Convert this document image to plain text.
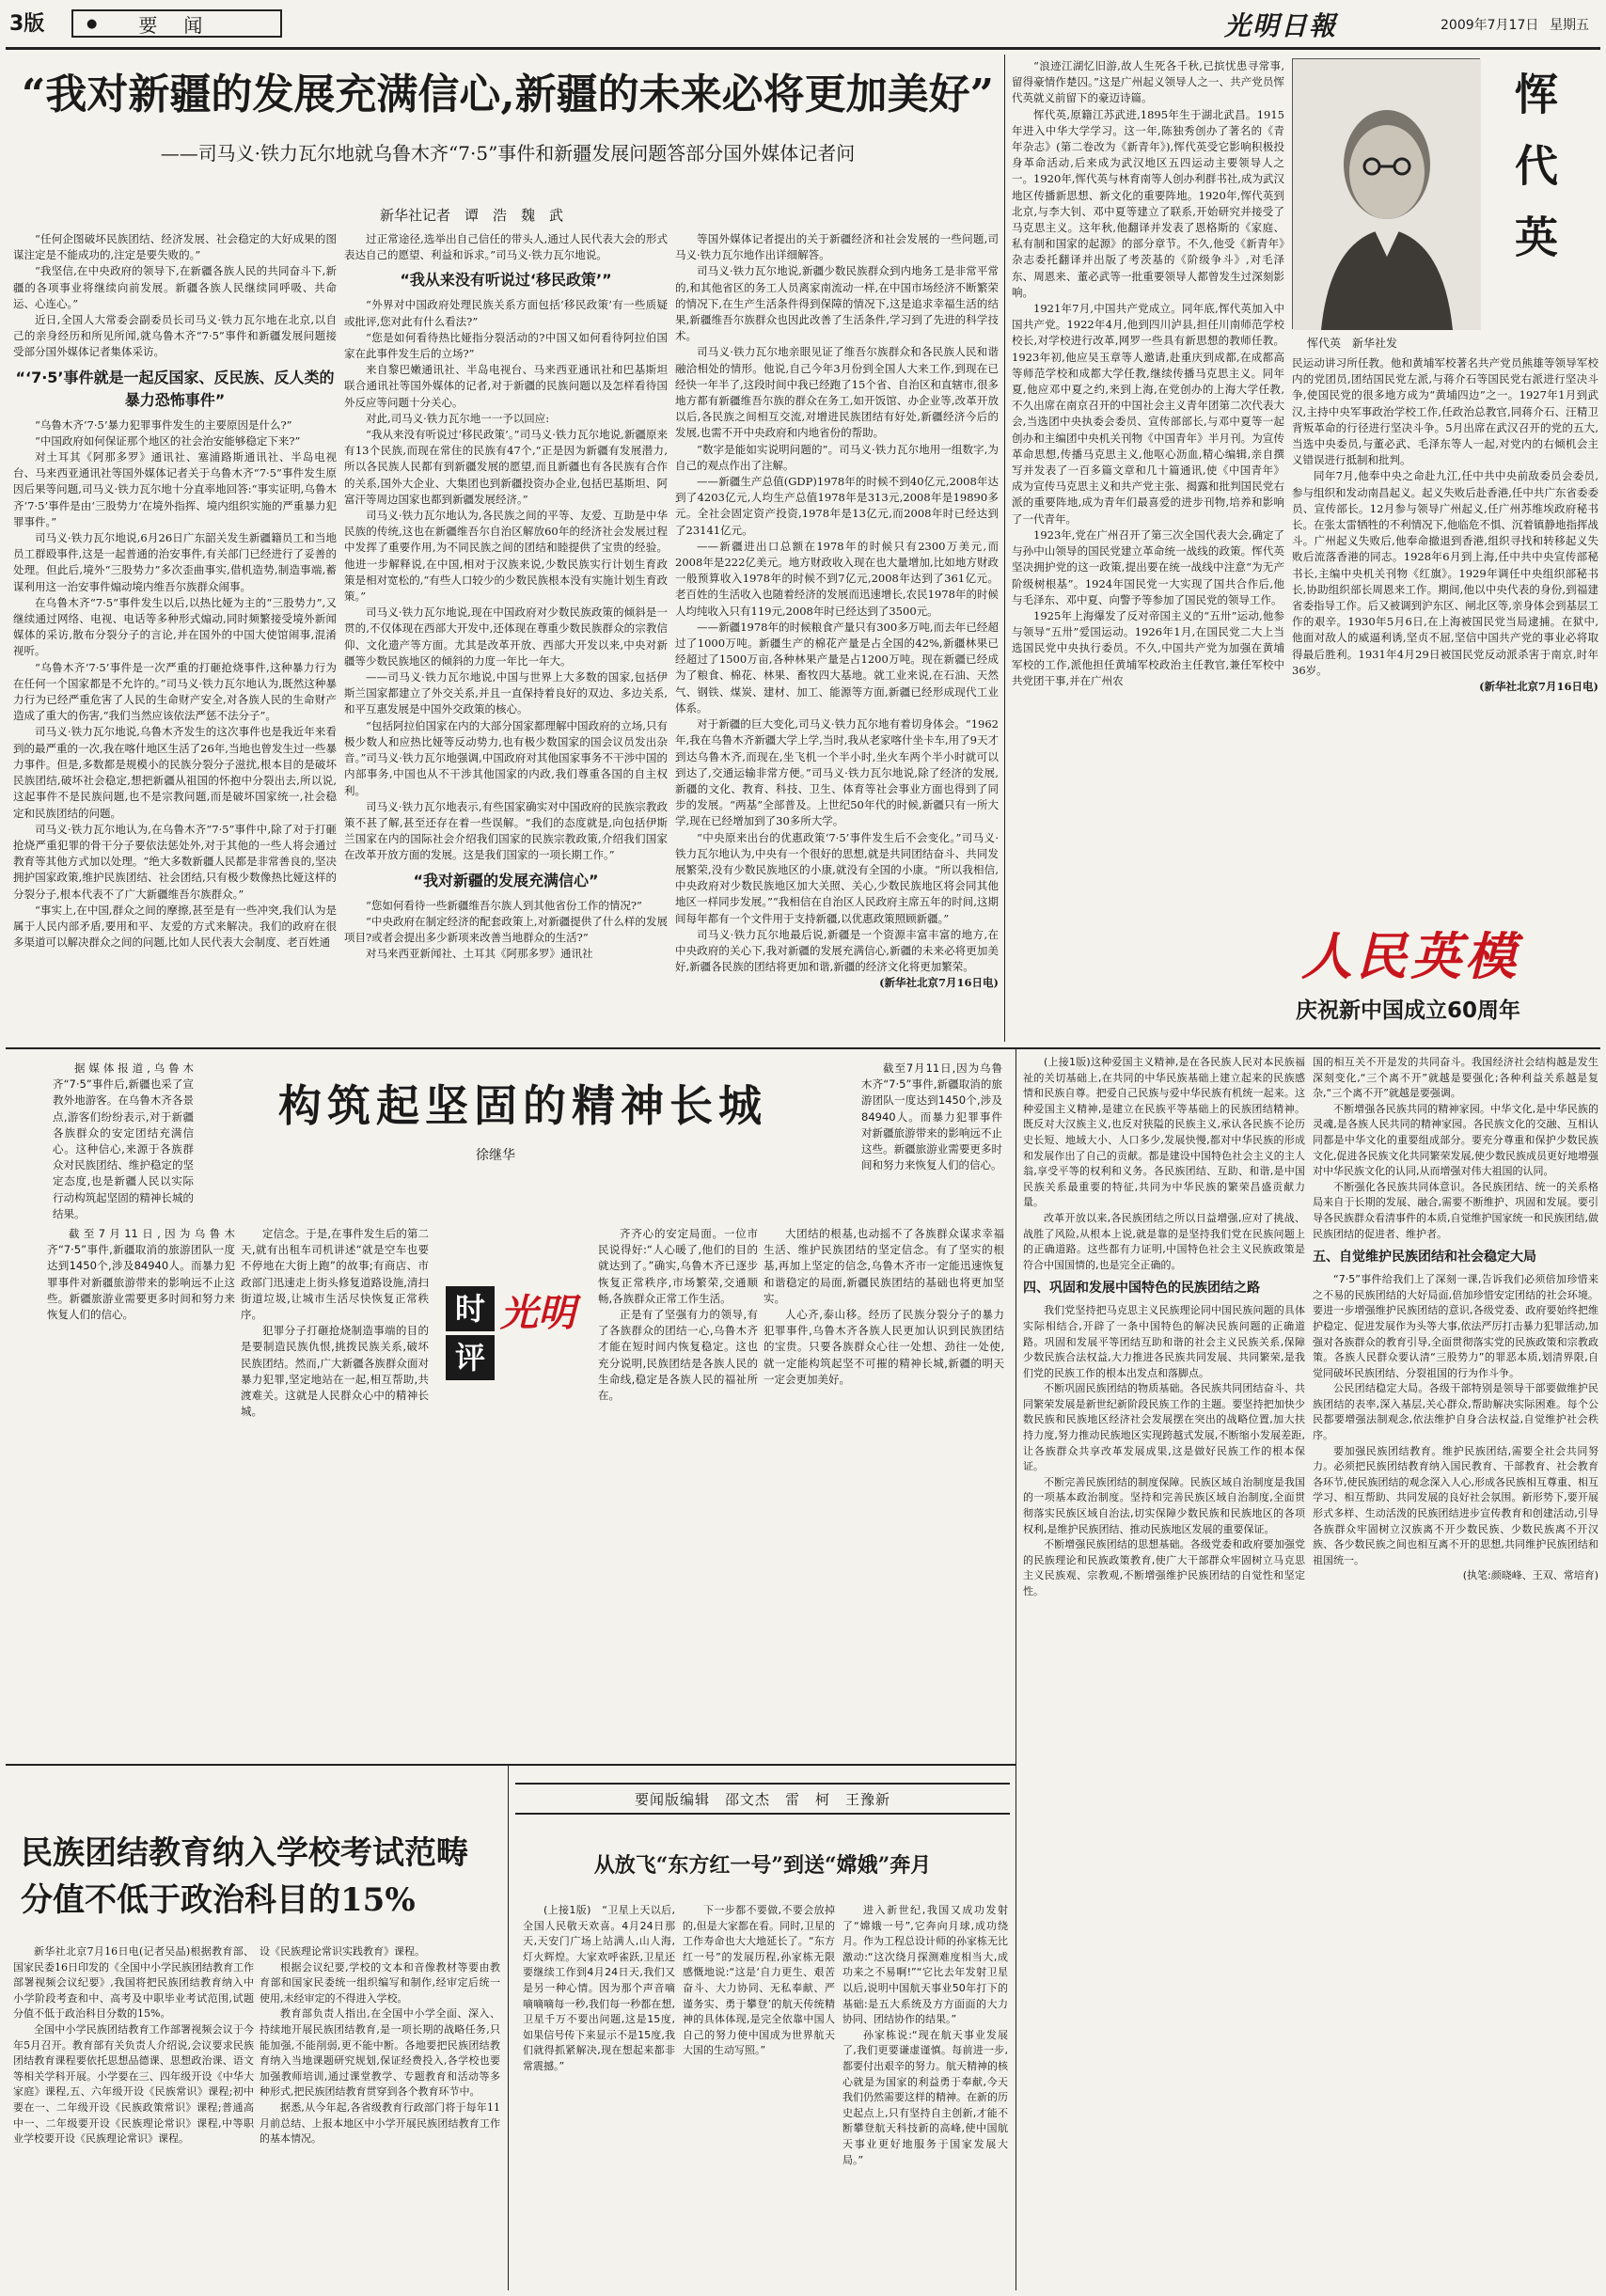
3版	● 要　闻	光明日報	2009年7月17日 星期五
“我对新疆的发展充满信心,新疆的未来必将更加美好”
——司马义·铁力瓦尔地就乌鲁木齐“7·5”事件和新疆发展问题答部分国外媒体记者问
新华社记者　谭　浩　魏　武

“任何企图破坏民族团结、经济发展、社会稳定的大好成果的图谋注定是不能成功的,注定是要失败的。”

“我坚信,在中央政府的领导下,在新疆各族人民的共同奋斗下,新疆的各项事业将继续向前发展。新疆各族人民继续同呼吸、共命运、心连心。”

近日,全国人大常委会副委员长司马义·铁力瓦尔地在北京,以自己的亲身经历和所见所闻,就乌鲁木齐“7·5”事件和新疆发展问题接受部分国外媒体记者集体采访。

“‘7·5’事件就是一起反国家、反民族、反人类的暴力恐怖事件”

“乌鲁木齐‘7·5’暴力犯罪事件发生的主要原因是什么?”

“中国政府如何保证那个地区的社会治安能够稳定下来?”

对土耳其《阿那多罗》通讯社、塞浦路斯通讯社、半岛电视台、马来西亚通讯社等国外媒体记者关于乌鲁木齐“7·5”事件发生原因后果等问题,司马义·铁力瓦尔地十分直率地回答:“事实证明,乌鲁木齐‘7·5’事件是由‘三股势力’在境外指挥、境内组织实施的严重暴力犯罪事件。”

司马义·铁力瓦尔地说,6月26日广东韶关发生新疆籍员工和当地员工群殴事件,这是一起普通的治安事件,有关部门已经进行了妥善的处理。但此后,境外“三股势力”多次歪曲事实,借机造势,制造事端,蓄谋利用这一治安事件煽动境内维吾尔族群众闹事。

在乌鲁木齐“7·5”事件发生以后,以热比娅为主的“三股势力”,又继续通过网络、电视、电话等多种形式煽动,同时频繁接受境外新闻媒体的采访,散布分裂分子的言论,并在国外的中国大使馆闹事,混淆视听。

“乌鲁木齐‘7·5’事件是一次严重的打砸抢烧事件,这种暴力行为在任何一个国家都是不允许的。”司马义·铁力瓦尔地认为,既然这种暴力行为已经严重危害了人民的生命财产安全,对各族人民的生命财产造成了重大的伤害,“我们当然应该依法严惩不法分子”。

司马义·铁力瓦尔地说,乌鲁木齐发生的这次事件也是我近年来看到的最严重的一次,我在喀什地区生活了26年,当地也曾发生过一些暴力事件。但是,多数都是规模小的民族分裂分子滋扰,根本目的是破坏民族团结,破坏社会稳定,想把新疆从祖国的怀抱中分裂出去,所以说,这起事件不是民族问题,也不是宗教问题,而是破坏国家统一,社会稳定和民族团结的问题。

司马义·铁力瓦尔地认为,在乌鲁木齐“7·5”事件中,除了对于打砸抢烧严重犯罪的骨干分子要依法惩处外,对于其他的一些人将会通过教育等其他方式加以处理。“绝大多数新疆人民都是非常善良的,坚决拥护国家政策,维护民族团结、社会团结,只有极少数像热比娅这样的分裂分子,根本代表不了广大新疆维吾尔族群众。”

“事实上,在中国,群众之间的摩擦,甚至是有一些冲突,我们认为是属于人民内部矛盾,要用和平、友爱的方式来解决。我们的政府在很多渠道可以解决群众之间的问题,比如人民代表大会制度、老百姓通

过正常途径,选举出自己信任的带头人,通过人民代表大会的形式表达自己的愿望、利益和诉求。”司马义·铁力瓦尔地说。

“我从来没有听说过‘移民政策’”

“外界对中国政府处理民族关系方面包括‘移民政策’有一些质疑或批评,您对此有什么看法?”

“您是如何看待热比娅指分裂活动的?中国又如何看待阿拉伯国家在此事件发生后的立场?”

来自黎巴嫩通讯社、半岛电视台、马来西亚通讯社和巴基斯坦联合通讯社等国外媒体的记者,对于新疆的民族问题以及怎样看待国外反应等问题十分关心。

对此,司马义·铁力瓦尔地一一予以回应:

“我从来没有听说过‘移民政策’。”司马义·铁力瓦尔地说,新疆原来有13个民族,而现在常住的民族有47个,“正是因为新疆有发展潜力,所以各民族人民都有到新疆发展的愿望,而且新疆也有各民族有合作的关系,国外大企业、大集团也到新疆投资办企业,包括巴基斯坦、阿富汗等周边国家也都到新疆发展经济。”

司马义·铁力瓦尔地认为,各民族之间的平等、友爱、互助是中华民族的传统,这也在新疆维吾尔自治区解放60年的经济社会发展过程中发挥了重要作用,为不同民族之间的团结和睦提供了宝贵的经验。他进一步解释说,在中国,相对于汉族来说,少数民族实行计划生育政策是相对宽松的,“有些人口较少的少数民族根本没有实施计划生育政策。”

司马义·铁力瓦尔地说,现在中国政府对少数民族政策的倾斜是一贯的,不仅体现在西部大开发中,还体现在尊重少数民族群众的宗教信仰、文化遗产等方面。尤其是改革开放、西部大开发以来,中央对新疆等少数民族地区的倾斜的力度一年比一年大。

——司马义·铁力瓦尔地说,中国与世界上大多数的国家,包括伊斯兰国家都建立了外交关系,并且一直保持着良好的双边、多边关系,和平互惠发展是中国外交政策的核心。

“包括阿拉伯国家在内的大部分国家都理解中国政府的立场,只有极少数人和应热比娅等反动势力,也有极少数国家的国会议员发出杂音。”司马义·铁力瓦尔地强调,中国政府对其他国家事务不干涉中国的内部事务,中国也从不干涉其他国家的内政,我们尊重各国的自主权利。

司马义·铁力瓦尔地表示,有些国家确实对中国政府的民族宗教政策不甚了解,甚至还存在着一些误解。“我们的态度就是,向包括伊斯兰国家在内的国际社会介绍我们国家的民族宗教政策,介绍我们国家在改革开放方面的发展。这是我们国家的一项长期工作。”

“我对新疆的发展充满信心”

“您如何看待一些新疆维吾尔族人到其他省份工作的情况?”

“中央政府在制定经济的配套政策上,对新疆提供了什么样的发展项目?或者会提出多少新项来改善当地群众的生活?”

对马来西亚新闻社、土耳其《阿那多罗》通讯社

等国外媒体记者提出的关于新疆经济和社会发展的一些问题,司马义·铁力瓦尔地作出详细解答。

司马义·铁力瓦尔地说,新疆少数民族群众到内地务工是非常平常的,和其他省区的务工人员离家南流动一样,在中国市场经济不断繁荣的情况下,在生产生活条件得到保障的情况下,这是追求幸福生活的结果,新疆维吾尔族群众也因此改善了生活条件,学习到了先进的科学技术。

司马义·铁力瓦尔地亲眼见证了维吾尔族群众和各民族人民和谐融洽相处的情形。他说,自己今年3月份到全国人大来工作,到现在已经快一年半了,这段时间中我已经跑了15个省、自治区和直辖市,很多地方都有新疆维吾尔族的群众在务工,如开饭馆、办企业等,改革开放以后,各民族之间相互交流,对增进民族团结有好处,新疆经济今后的发展,也需不开中央政府和内地省份的帮助。

“数字是能如实说明问题的”。司马义·铁力瓦尔地用一组数字,为自己的观点作出了注解。

——新疆生产总值(GDP)1978年的时候不到40亿元,2008年达到了4203亿元,人均生产总值1978年是313元,2008年是19890多元。全社会固定资产投资,1978年是13亿元,而2008年时已经达到了23141亿元。

——新疆进出口总额在1978年的时候只有2300万美元,而2008年是222亿美元。地方财政收入现在也大量增加,比如地方财政一般预算收入1978年的时候不到7亿元,2008年达到了361亿元。老百姓的生活收入也随着经济的发展而迅速增长,农民1978年的时候人均纯收入只有119元,2008年时已经达到了3500元。

——新疆1978年的时候粮食产量只有300多万吨,而去年已经超过了1000万吨。新疆生产的棉花产量是占全国的42%,新疆林果已经超过了1500万亩,各种林果产量是占1200万吨。现在新疆已经成为了粮食、棉花、林果、畜牧四大基地。就工业来说,在石油、天然气、钢铁、煤炭、建材、加工、能源等方面,新疆已经形成现代工业体系。

对于新疆的巨大变化,司马义·铁力瓦尔地有着切身体会。“1962年,我在乌鲁木齐新疆大学上学,当时,我从老家喀什坐卡车,用了9天才到达乌鲁木齐,而现在,坐飞机一个半小时,坐火车两个半小时就可以到达了,交通运输非常方便。”司马义·铁力瓦尔地说,除了经济的发展,新疆的文化、教育、科技、卫生、体育等社会事业方面也得到了同步的发展。“两基”全部普及。上世纪50年代的时候,新疆只有一所大学,现在已经增加到了30多所大学。

“中央原来出台的优惠政策‘7·5’事件发生后不会变化。”司马义·铁力瓦尔地认为,中央有一个很好的思想,就是共同团结奋斗、共同发展繁荣,没有少数民族地区的小康,就没有全国的小康。“所以我相信,中央政府对少数民族地区加大关照、关心,少数民族地区将会同其他地区一样同步发展。”“我相信在自治区人民政府主席五年的时间,这期间每年都有一个文件用于支持新疆,以优惠政策照顾新疆。”

司马义·铁力瓦尔地最后说,新疆是一个资源丰富丰富的地方,在中央政府的关心下,我对新疆的发展充满信心,新疆的未来必将更加美好,新疆各民族的团结将更加和谐,新疆的经济文化将更加繁荣。

(新华社北京7月16日电)

“浪迹江湖忆旧游,故人生死各千秋,已摈忧患寻常事,留得豪情作楚囚。”这是广州起义领导人之一、共产党员恽代英就义前留下的豪迈诗篇。

恽代英,原籍江苏武进,1895年生于湖北武昌。1915年进入中华大学学习。这一年,陈独秀创办了著名的《青年杂志》(第二卷改为《新青年》),恽代英受它影响积极投身革命活动,后来成为武汉地区五四运动主要领导人之一。1920年,恽代英与林育南等人创办利群书社,成为武汉地区传播新思想、新文化的重要阵地。1920年,恽代英到北京,与李大钊、邓中夏等建立了联系,开始研究并接受了马克思主义。这年秋,他翻译并发表了恩格斯的《家庭、私有制和国家的起源》的部分章节。不久,他受《新青年》杂志委托翻译并出版了考茨基的《阶级争斗》,对毛泽东、周恩来、董必武等一批重要领导人都曾发生过深刻影响。

1921年7月,中国共产党成立。同年底,恽代英加入中国共产党。1922年4月,他到四川泸县,担任川南师范学校校长,对学校进行改革,网罗一些具有新思想的教师任教。1923年初,他应吴玉章等人邀请,赴重庆到成都,在成都高等师范学校和成都大学任教,继续传播马克思主义。同年夏,他应邓中夏之约,来到上海,在党创办的上海大学任教,不久出席在南京召开的中国社会主义青年团第二次代表大会,当选团中央执委会委员、宣传部部长,与邓中夏等一起创办和主编团中央机关刊物《中国青年》半月刊。为宣传革命思想,传播马克思主义,他呕心沥血,精心编辑,亲自撰写并发表了一百多篇文章和几十篇通讯,使《中国青年》成为宣传马克思主义和共产党主张、揭露和批判国民党右派的重要阵地,成为青年们最喜爱的进步刊物,培养和影响了一代青年。

1923年,党在广州召开了第三次全国代表大会,确定了与孙中山领导的国民党建立革命统一战线的政策。恽代英坚决拥护党的这一政策,提出要在统一战线中注意“为无产阶级树根基”。1924年国民党一大实现了国共合作后,他与毛泽东、邓中夏、向警予等参加了国民党的领导工作。

1925年上海爆发了反对帝国主义的“五卅”运动,他参与领导“五卅”爱国运动。1926年1月,在国民党二大上当选国民党中央执行委员。不久,中国共产党为加强在黄埔军校的工作,派他担任黄埔军校政治主任教官,兼任军校中共党团干事,并在广州农

恽代英　新华社发
恽代英

民运动讲习所任教。他和黄埔军校著名共产党员熊雄等领导军校内的党团员,团结国民党左派,与蒋介石等国民党右派进行坚决斗争,使国民党的很多地方成为“黄埔四边”之一。1927年1月到武汉,主持中央军事政治学校工作,任政治总教官,同蒋介石、汪精卫背叛革命的行径进行坚决斗争。5月出席在武汉召开的党的五大,当选中央委员,与董必武、毛泽东等人一起,对党内的右倾机会主义错误进行抵制和批判。

同年7月,他奉中央之命赴九江,任中共中央前敌委员会委员,参与组织和发动南昌起义。起义失败后赴香港,任中共广东省委委员、宣传部长。12月参与领导广州起义,任广州苏维埃政府秘书长。在张太雷牺牲的不利情况下,他临危不惧、沉着镇静地指挥战斗。广州起义失败后,他奉命撤退到香港,组织寻找和转移起义失败后流落香港的同志。1928年6月到上海,任中共中央宣传部秘书长,主编中央机关刊物《红旗》。1929年调任中央组织部秘书长,协助组织部长周恩来工作。期间,他以中央代表的身份,到福建省委指导工作。后又被调到沪东区、闸北区等,亲身体会到基层工作的艰辛。1930年5月6日,在上海被国民党当局逮捕。在狱中,他面对敌人的威逼利诱,坚贞不屈,坚信中国共产党的事业必将取得最后胜利。1931年4月29日被国民党反动派杀害于南京,时年36岁。

(新华社北京7月16日电)

人民英模
庆祝新中国成立60周年

据媒体报道,乌鲁木齐“7·5”事件后,新疆也采了宣教外地游客。在乌鲁木齐各景点,游客们纷纷表示,对于新疆各族群众的安定团结充满信心。这种信心,来源于各族群众对民族团结、维护稳定的坚定态度,也是新疆人民以实际行动构筑起坚固的精神长城的结果。

构筑起坚固的精神长城
徐继华

截至7月11日,因为乌鲁木齐“7·5”事件,新疆取消的旅游团队一度达到1450个,涉及84940人。而暴力犯罪事件对新疆旅游带来的影响远不止这些。新疆旅游业需要更多时间和努力来恢复人们的信心。

截至7月11日,因为乌鲁木齐“7·5”事件,新疆取消的旅游团队一度达到1450个,涉及84940人。而暴力犯罪事件对新疆旅游带来的影响远不止这些。新疆旅游业需要更多时间和努力来恢复人们的信心。

定信念。于是,在事件发生后的第二天,就有出租车司机讲述“就是空车也要不停地在大街上跑”的故事;有商店、市政部门迅速走上街头修复道路设施,清扫街道垃圾,让城市生活尽快恢复正常秩序。

犯罪分子打砸抢烧制造事端的目的是要制造民族仇恨,挑拨民族关系,破坏民族团结。然而,广大新疆各族群众面对暴力犯罪,坚定地站在一起,相互帮助,共渡难关。这就是人民群众心中的精神长城。

时
评
光明

齐齐心的安定局面。一位市民说得好:“人心暖了,他们的目的就达到了。”确实,乌鲁木齐已逐步恢复正常秩序,市场繁荣,交通顺畅,各族群众正常工作生活。

正是有了坚强有力的领导,有了各族群众的团结一心,乌鲁木齐才能在短时间内恢复稳定。这也充分说明,民族团结是各族人民的生命线,稳定是各族人民的福祉所在。

大团结的根基,也动摇不了各族群众谋求幸福生活、维护民族团结的坚定信念。有了坚实的根基,再加上坚定的信念,乌鲁木齐市一定能迅速恢复和谐稳定的局面,新疆民族团结的基础也将更加坚实。

人心齐,泰山移。经历了民族分裂分子的暴力犯罪事件,乌鲁木齐各族人民更加认识到民族团结的宝贵。只要各族群众心往一处想、劲往一处使,就一定能构筑起坚不可摧的精神长城,新疆的明天一定会更加美好。

(上接1版)这种爱国主义精神,是在各民族人民对本民族福祉的关切基础上,在共同的中华民族基础上建立起来的民族感情和民族自尊。把爱自己民族与爱中华民族有机统一起来。这种爱国主义精神,是建立在民族平等基础上的民族团结精神。既反对大汉族主义,也反对狭隘的民族主义,承认各民族不论历史长短、地域大小、人口多少,发展快慢,都对中华民族的形成和发展作出了自己的贡献。都是建设中国特色社会主义的主人翁,享受平等的权利和义务。各民族团结、互助、和谐,是中国民族关系最重要的特征,共同为中华民族的繁荣昌盛贡献力量。

改革开放以来,各民族团结之所以日益增强,应对了挑战、战胜了风险,从根本上说,就是靠的是坚持我们党在民族问题上的正确道路。这些都有力证明,中国特色社会主义民族政策是符合中国国情的,也是完全正确的。

四、巩固和发展中国特色的民族团结之路

我们党坚持把马克思主义民族理论同中国民族问题的具体实际相结合,开辟了一条中国特色的解决民族问题的正确道路。巩固和发展平等团结互助和谐的社会主义民族关系,保障少数民族合法权益,大力推进各民族共同发展、共同繁荣,是我们党的民族工作的根本出发点和落脚点。

不断巩固民族团结的物质基础。各民族共同团结奋斗、共同繁荣发展是新世纪新阶段民族工作的主题。要坚持把加快少数民族和民族地区经济社会发展摆在突出的战略位置,加大扶持力度,努力推动民族地区实现跨越式发展,不断缩小发展差距,让各族群众共享改革发展成果,这是做好民族工作的根本保证。

不断完善民族团结的制度保障。民族区域自治制度是我国的一项基本政治制度。坚持和完善民族区域自治制度,全面贯彻落实民族区域自治法,切实保障少数民族和民族地区的各项权利,是维护民族团结、推动民族地区发展的重要保证。

不断增强民族团结的思想基础。各级党委和政府要加强党的民族理论和民族政策教育,使广大干部群众牢固树立马克思主义民族观、宗教观,不断增强维护民族团结的自觉性和坚定性。

国的相互关不开是发的共同奋斗。我国经济社会结构越是发生深刻变化,“三个离不开”就越是要强化;各种利益关系越是复杂,“三个离不开”就越是要强调。

不断增强各民族共同的精神家园。中华文化,是中华民族的灵魂,是各族人民共同的精神家园。各民族文化的交融、互相认同都是中华文化的重要组成部分。要充分尊重和保护少数民族文化,促进各民族文化共同繁荣发展,使少数民族成员更好地增强对中华民族文化的认同,从而增强对伟大祖国的认同。

不断强化各民族共同体意识。各民族团结、统一的关系格局来自于长期的发展、融合,需要不断维护、巩固和发展。要引导各民族群众看清事件的本质,自觉维护国家统一和民族团结,做民族团结的促进者、维护者。

五、自觉维护民族团结和社会稳定大局

“7·5”事件给我们上了深刻一课,告诉我们必须倍加珍惜来之不易的民族团结的大好局面,倍加珍惜安定团结的社会环境。要进一步增强维护民族团结的意识,各级党委、政府要始终把维护稳定、促进发展作为头等大事,依法严厉打击暴力犯罪活动,加强对各族群众的教育引导,全面贯彻落实党的民族政策和宗教政策。各族人民群众要认清“三股势力”的罪恶本质,划清界限,自觉同破坏民族团结、分裂祖国的行为作斗争。

公民团结稳定大局。各级干部特别是领导干部要做维护民族团结的表率,深入基层,关心群众,帮助解决实际困难。每个公民都要增强法制观念,依法维护自身合法权益,自觉维护社会秩序。

要加强民族团结教育。维护民族团结,需要全社会共同努力。必须把民族团结教育纳入国民教育、干部教育、社会教育各环节,使民族团结的观念深入人心,形成各民族相互尊重、相互学习、相互帮助、共同发展的良好社会氛围。新形势下,要开展形式多样、生动活泼的民族团结进步宣传教育和创建活动,引导各族群众牢固树立汉族离不开少数民族、少数民族离不开汉族、各少数民族之间也相互离不开的思想,共同维护民族团结和祖国统一。

(执笔:颜晓峰、王双、常培育)

民族团结教育纳入学校考试范畴
分值不低于政治科目的15%

新华社北京7月16日电(记者吴晶)根据教育部、国家民委16日印发的《全国中小学民族团结教育工作部署视频会议纪要》,我国将把民族团结教育纳入中小学阶段考查和中、高考及中职毕业考试范围,试题分值不低于政治科目分数的15%。

全国中小学民族团结教育工作部署视频会议于今年5月召开。教育部有关负责人介绍说,会议要求民族团结教育课程要依托思想品德课、思想政治课、语文等相关学科开展。小学要在三、四年级开设《中华大家庭》课程,五、六年级开设《民族常识》课程;初中要在一、二年级开设《民族政策常识》课程;普通高中一、二年级要开设《民族理论常识》课程,中等职业学校要开设《民族理论常识》课程。

设《民族理论常识实践教育》课程。

根据会议纪要,学校的文本和音像教材等要由教育部和国家民委统一组织编写和制作,经审定后统一使用,未经审定的不得进入学校。

教育部负责人指出,在全国中小学全面、深入、持续地开展民族团结教育,是一项长期的战略任务,只能加强,不能削弱,更不能中断。各地要把民族团结教育纳入当地课题研究规划,保证经费投入,各学校也要加强教师培训,通过课堂教学、专题教育和活动等多种形式,把民族团结教育贯穿到各个教育环节中。

据悉,从今年起,各省级教育行政部门将于每年11月前总结、上报本地区中小学开展民族团结教育工作的基本情况。

要闻版编辑　邵文杰　雷　柯　王豫新
从放飞“东方红一号”到送“嫦娥”奔月

(上接1版)　“卫星上天以后,全国人民敬天欢喜。4月24日那天,天安门广场上站满人,山人海,灯火辉煌。大家欢呼雀跃,卫星还要继续工作到4月24日天,我们又是另一种心情。因为那个声音嘀嘀嘀嘀每一秒,我们每一秒都在想,卫星千万不要出问题,这是15度,如果信号传下来显示不是15度,我们就得抓紧解决,现在想起来都非常震撼。”

下一步都不要做,不要会放掉的,但是大家都在看。同时,卫星的工作寿命也大大地延长了。“东方红一号”的发展历程,孙家栋无限感慨地说:“这是‘自力更生、艰苦奋斗、大力协同、无私奉献、严谨务实、勇于攀登’的航天传统精神的具体体现,是完全依靠中国人自己的努力使中国成为世界航天大国的生动写照。”

进入新世纪,我国又成功发射了“嫦娥一号”,它奔向月球,成功绕月。作为工程总设计师的孙家栋无比激动:“这次绕月探测难度相当大,成功来之不易啊!”“它比去年发射卫星以后,说明中国航天事业50年打下的基础:是五大系统及方方面面的大力协同、团结协作的结果。”

孙家栋说:“现在航天事业发展了,我们更要谦虚谨慎。每前进一步,都要付出艰辛的努力。航天精神的核心就是为国家的利益勇于奉献,今天我们仍然需要这样的精神。在新的历史起点上,只有坚持自主创新,才能不断攀登航天科技新的高峰,使中国航天事业更好地服务于国家发展大局。”
